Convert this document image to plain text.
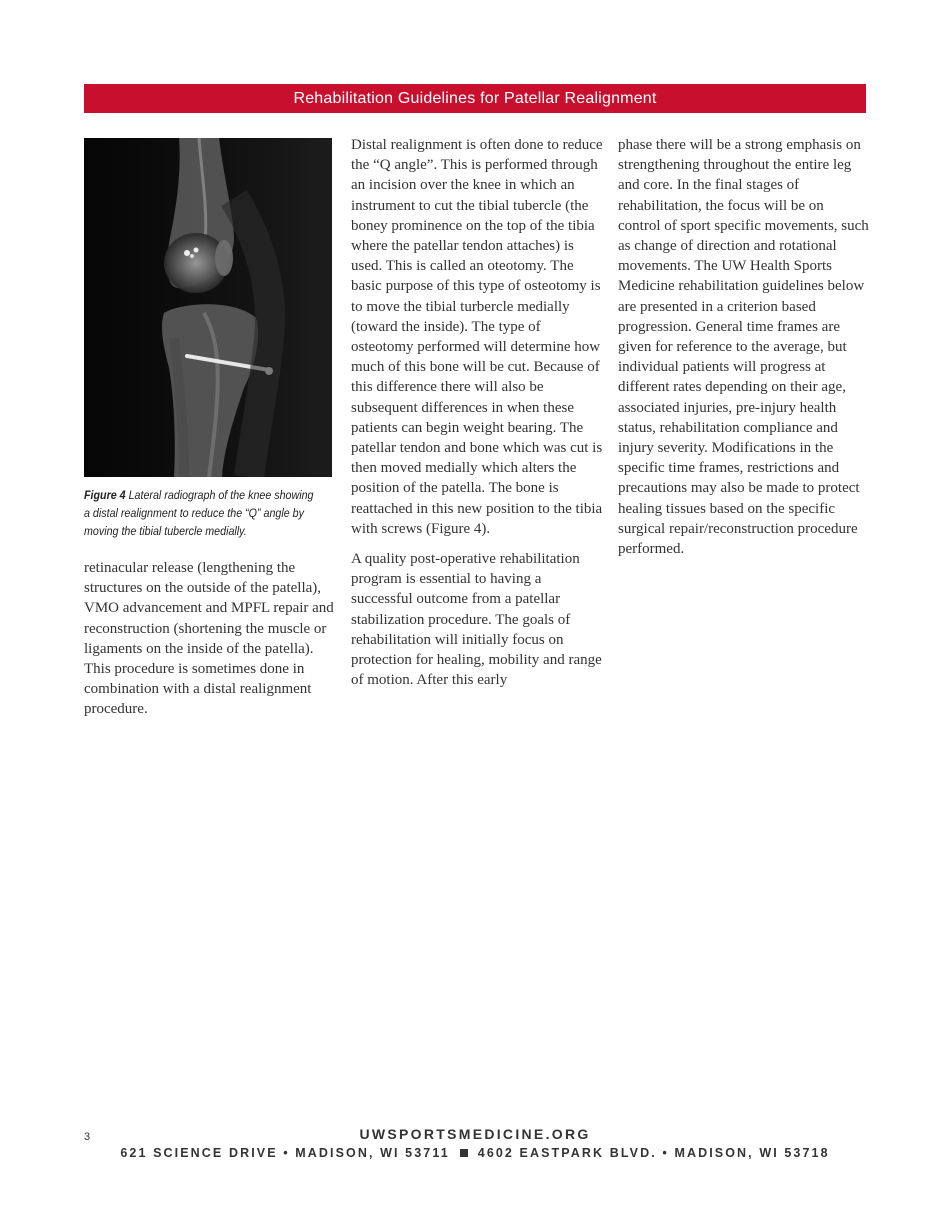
Rehabilitation Guidelines for Patellar Realignment
Figure 4 Lateral radiograph of the knee showing a distal realignment to reduce the “Q” angle by moving the tibial tubercle medially.

retinacular release (lengthening the structures on the outside of the patella), VMO advancement and MPFL repair and reconstruction (shortening the muscle or ligaments on the inside of the patella). This procedure is sometimes done in combination with a distal realignment procedure.

Distal realignment is often done to reduce the “Q angle”. This is performed through an incision over the knee in which an instrument to cut the tibial tubercle (the boney prominence on the top of the tibia where the patellar tendon attaches) is used. This is called an oteotomy. The basic purpose of this type of osteotomy is to move the tibial turbercle medially (toward the inside). The type of osteotomy performed will determine how much of this bone will be cut. Because of this difference there will also be subsequent differences in when these patients can begin weight bearing. The patellar tendon and bone which was cut is then moved medially which alters the position of the patella. The bone is reattached in this new position to the tibia with screws (Figure 4).

A quality post-operative rehabilitation program is essential to having a successful outcome from a patellar stabilization procedure. The goals of rehabilitation will initially focus on protection for healing, mobility and range of motion. After this early

phase there will be a strong emphasis on strengthening throughout the entire leg and core. In the final stages of rehabilitation, the focus will be on control of sport specific movements, such as change of direction and rotational movements. The UW Health Sports Medicine rehabilitation guidelines below are presented in a criterion based progression. General time frames are given for reference to the average, but individual patients will progress at different rates depending on their age, associated injuries, pre-injury health status, rehabilitation compliance and injury severity. Modifications in the specific time frames, restrictions and precautions may also be made to protect healing tissues based on the specific surgical repair/reconstruction procedure performed.

3	UWSPORTSMEDICINE.ORG
621 SCIENCE DRIVE • MADISON, WI 53711 4602 EASTPARK BLVD. • MADISON, WI 53718
